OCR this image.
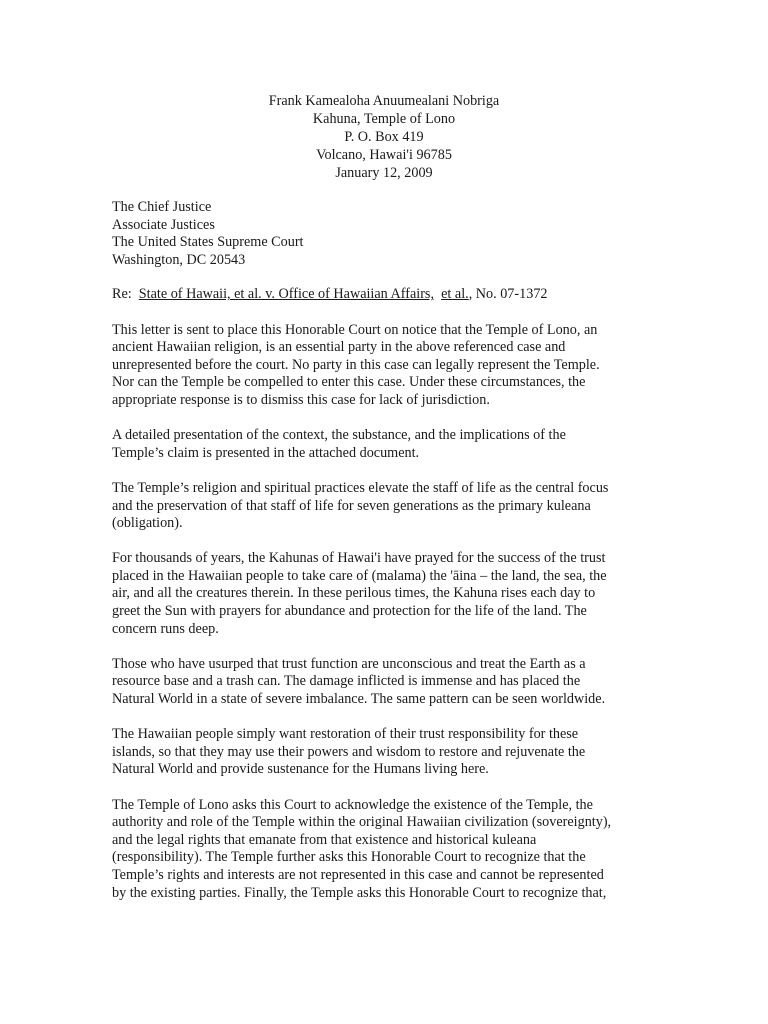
Frank Kamealoha Anuumealani Nobriga
Kahuna, Temple of Lono
P. O. Box 419
Volcano, Hawai'i 96785
January 12, 2009
The Chief Justice
Associate Justices
The United States Supreme Court
Washington, DC 20543
Re: State of Hawaii, et al. v. Office of Hawaiian Affairs, et al., No. 07-1372
This letter is sent to place this Honorable Court on notice that the Temple of Lono, an
ancient Hawaiian religion, is an essential party in the above referenced case and
unrepresented before the court. No party in this case can legally represent the Temple.
Nor can the Temple be compelled to enter this case. Under these circumstances, the
appropriate response is to dismiss this case for lack of jurisdiction.
A detailed presentation of the context, the substance, and the implications of the
Temple’s claim is presented in the attached document.
The Temple’s religion and spiritual practices elevate the staff of life as the central focus
and the preservation of that staff of life for seven generations as the primary kuleana
(obligation).
For thousands of years, the Kahunas of Hawai'i have prayed for the success of the trust
placed in the Hawaiian people to take care of (malama) the 'āina – the land, the sea, the
air, and all the creatures therein. In these perilous times, the Kahuna rises each day to
greet the Sun with prayers for abundance and protection for the life of the land. The
concern runs deep.
Those who have usurped that trust function are unconscious and treat the Earth as a
resource base and a trash can. The damage inflicted is immense and has placed the
Natural World in a state of severe imbalance. The same pattern can be seen worldwide.
The Hawaiian people simply want restoration of their trust responsibility for these
islands, so that they may use their powers and wisdom to restore and rejuvenate the
Natural World and provide sustenance for the Humans living here.
The Temple of Lono asks this Court to acknowledge the existence of the Temple, the
authority and role of the Temple within the original Hawaiian civilization (sovereignty),
and the legal rights that emanate from that existence and historical kuleana
(responsibility). The Temple further asks this Honorable Court to recognize that the
Temple’s rights and interests are not represented in this case and cannot be represented
by the existing parties. Finally, the Temple asks this Honorable Court to recognize that,
